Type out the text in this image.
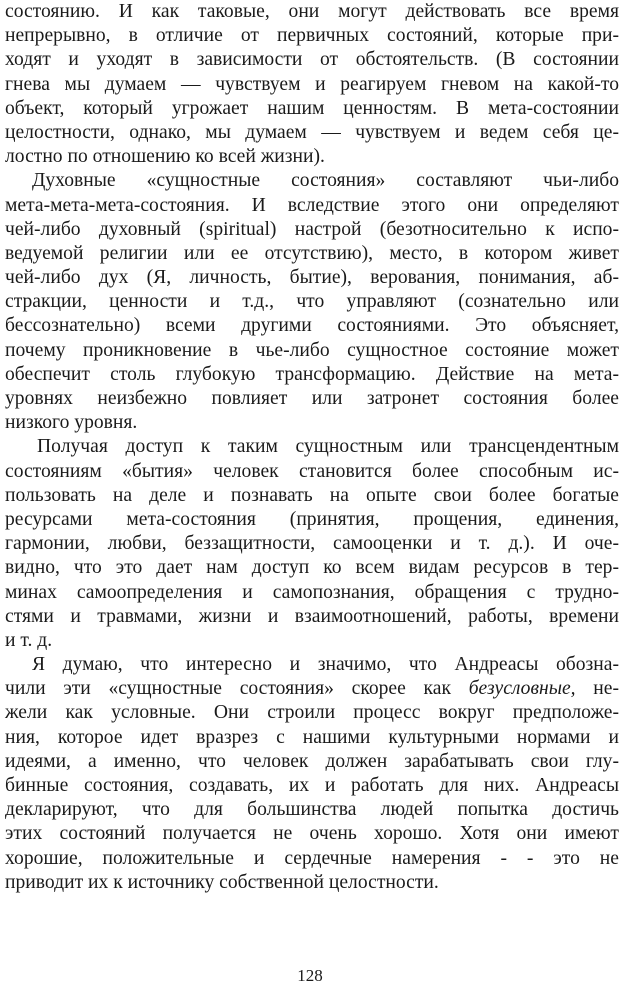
состоянию. И как таковые, они могут действовать все время
непрерывно, в отличие от первичных состояний, которые при-
ходят и уходят в зависимости от обстоятельств. (В состоянии
гнева мы думаем — чувствуем и реагируем гневом на какой-то
объект, который угрожает нашим ценностям. В мета-состоянии
целостности, однако, мы думаем — чувствуем и ведем себя це-
лостно по отношению ко всей жизни).
Духовные «сущностные состояния» составляют чьи-либо
мета-мета-мета-состояния. И вследствие этого они определяют
чей-либо духовный (spiritual) настрой (безотносительно к испо-
ведуемой религии или ее отсутствию), место, в котором живет
чей-либо дух (Я, личность, бытие), верования, понимания, аб-
стракции, ценности и т.д., что управляют (сознательно или
бессознательно) всеми другими состояниями. Это объясняет,
почему проникновение в чье-либо сущностное состояние может
обеспечит столь глубокую трансформацию. Действие на мета-
уровнях неизбежно повлияет или затронет состояния более
низкого уровня.
Получая доступ к таким сущностным или трансцендентным
состояниям «бытия» человек становится более способным ис-
пользовать на деле и познавать на опыте свои более богатые
ресурсами мета-состояния (принятия, прощения, единения,
гармонии, любви, беззащитности, самооценки и т. д.). И оче-
видно, что это дает нам доступ ко всем видам ресурсов в тер-
минах самоопределения и самопознания, обращения с трудно-
стями и травмами, жизни и взаимоотношений, работы, времени
и т. д.
Я думаю, что интересно и значимо, что Андреасы обозна-
чили эти «сущностные состояния» скорее как безусловные, не-
жели как условные. Они строили процесс вокруг предположе-
ния, которое идет вразрез с нашими культурными нормами и
идеями, а именно, что человек должен зарабатывать свои глу-
бинные состояния, создавать, их и работать для них. Андреасы
декларируют, что для большинства людей попытка достичь
этих состояний получается не очень хорошо. Хотя они имеют
хорошие, положительные и сердечные намерения - - это не
приводит их к источнику собственной целостности.
128
